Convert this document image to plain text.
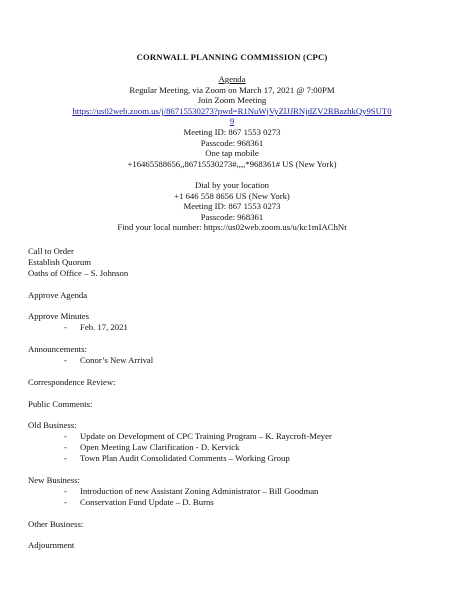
CORNWALL PLANNING COMMISSION (CPC)
Agenda
Regular Meeting, via Zoom on March 17, 2021 @ 7:00PM
Join Zoom Meeting
https://us02web.zoom.us/j/86715530273?pwd=R1NuWjVyZlJJRNjdZV2RBazhkQy9SUT0
9
Meeting ID: 867 1553 0273
Passcode: 968361
One tap mobile
+16465588656,,86715530273#,,,,*968361# US (New York)
Dial by your location
+1 646 558 8656 US (New York)
Meeting ID: 867 1553 0273
Passcode: 968361
Find your local number: https://us02web.zoom.us/u/kc1mIAChNt
Call to Order
Establish Quorum
Oaths of Office – S. Johnson
Approve Agenda
Approve Minutes
-	Feb. 17, 2021
Announcements:
-	Conor’s New Arrival
Correspondence Review:
Public Comments:
Old Business:
-	Update on Development of CPC Training Program – K. Raycroft-Meyer
-	Open Meeting Law Clarification - D. Kervick
-	Town Plan Audit Consolidated Comments – Working Group
New Business:
-	Introduction of new Assistant Zoning Administrator – Bill Goodman
-	Conservation Fund Update – D. Burns
Other Business:
Adjournment
